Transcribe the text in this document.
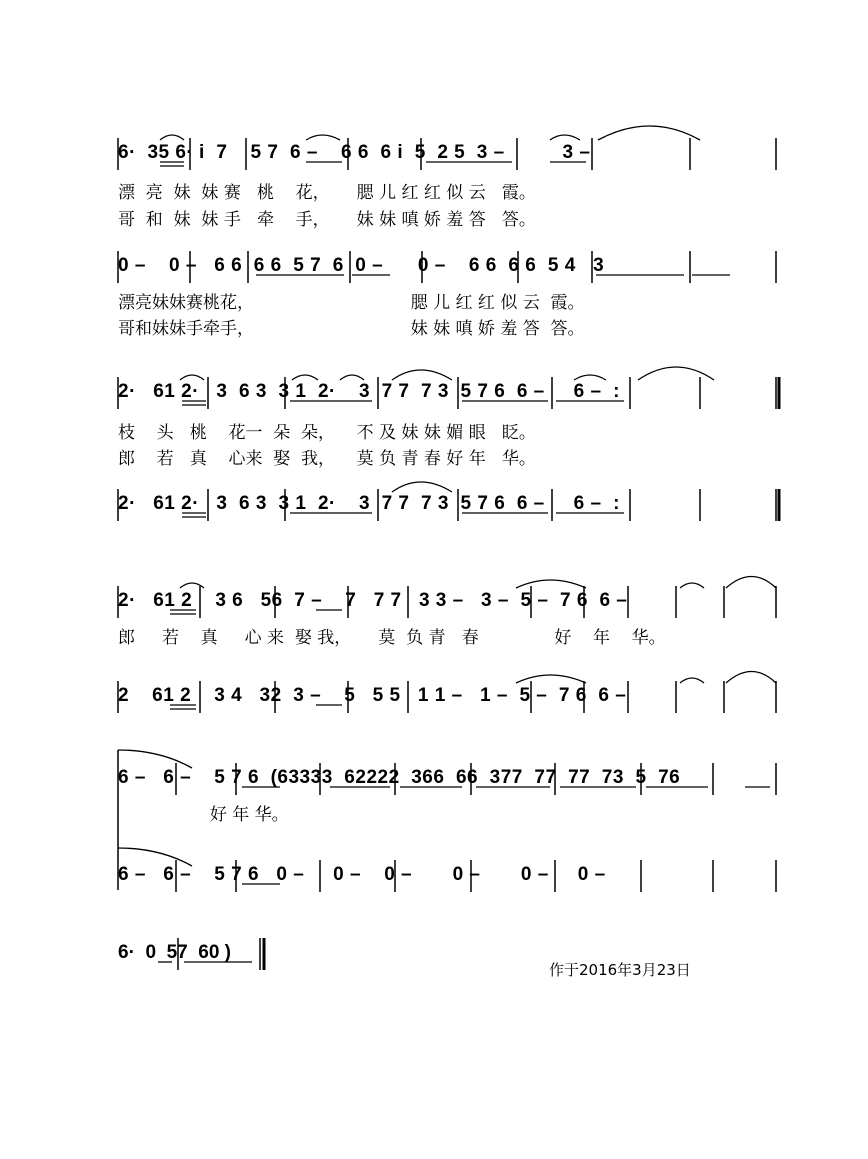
6·  35 6· i  7    5 7  6 –    6 6  6 i  5  2 5  3 –          3 –
漂  亮  妹  妹 赛   桃    花，     腮 儿 红 红 似 云   霞。
哥  和  妹  妹 手   牵    手，     妹 妹 嗔 娇 羞 答   答。
0 –    0 –   6 6  6 6  5 7  6  0 –      0 –    6 6  6 6  5 4   3
漂亮妹妹赛桃花，                             腮 儿 红 红 似 云  霞。
哥和妹妹手牵手，                             妹 妹 嗔 娇 羞 答  答。
2·   61 2·   3  6 3  3 1  2·    3  7 7  7 3  5 7 6  6 –     6 –  :
枝    头   桃    花一  朵  朵，    不 及 妹 妹 媚 眼   眨。
郎    若   真    心来  娶  我，    莫 负 青 春 好 年   华。
2·   61 2·   3  6 3  3 1  2·    3  7 7  7 3  5 7 6  6 –     6 –  :
2·   61 2    3 6   56  7 –    7   7 7   3 3 –   3 –  5 –  7 6  6 –
郎     若    真     心 来  娶 我，     莫  负 青   春              好    年    华。
2    61 2    3 4   32  3 –    5   5 5   1 1 –   1 –  5 –  7 6  6 –
6 –   6 –    5 7 6  (63333  62222  366  66  377  77  77  73  5  76
好 年 华。
6 –   6 –    5 7 6   0 –     0 –    0 –       0 –       0 –     0 –
6·  0  57  60 )
作于2016年3月23日
